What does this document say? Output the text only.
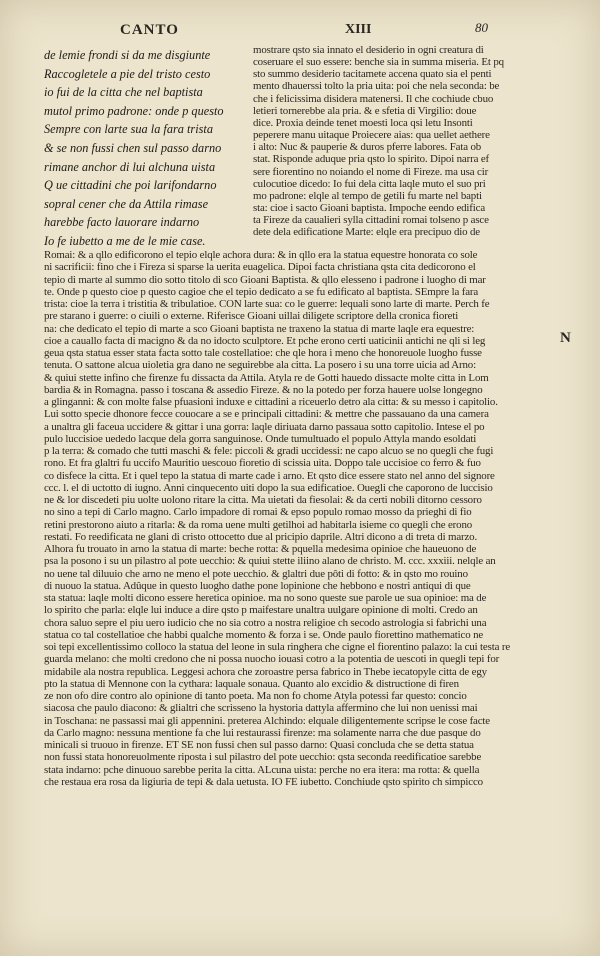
CANTO	XIII	80
de lemie frondi si da me disgiunte
Raccogletele a pie del tristo cesto
io fui de la citta che nel baptista
mutol primo padrone: onde p questo
Sempre con larte sua la fara trista
& se non fussi chen sul passo darno
rimane anchor di lui alchuna uista
Q ue cittadini che poi larifondarno
sopral cener che da Attila rimase
harebbe facto lauorare indarno
Io fe iubetto a me de le mie case.
mostrare qsto sia innato el desiderio in ogni creatura di
coseruare el suo essere: benche sia in summa miseria. Et pq
sto summo desiderio tacitamete accena quato sia el penti
mento dhauerssi tolto la pria uita: poi che nela seconda: be
che i felicissima disidera matenersi. Il che cochiude cbuo
letieri tornerebbe ala pria. & e sfetia di Virgilio: doue
dice. Proxia deinde tenet moesti loca qsi letu Insonti
peperere manu uitaque Proiecere aias: qua uellet aethere
i alto: Nuc & pauperie & duros pferre labores. Fata ob
stat. Risponde aduque pria qsto lo spirito. Dipoi narra ef
sere fiorentino no noiando el nome di Fireze. ma usa cir
culocutioe dicedo: Io fui dela citta laqle muto el suo pri
mo padrone: elqle al tempo de getili fu marte nel bapti
sta: cioe i sacto Gioani baptista. Impoche eendo edifica
ta Fireze da caualieri sylla cittadini romai tolseno p asce
dete dela edificatione Marte: elqle era precipuo dio de
Romai: & a qllo edificorono el tepio elqle achora dura: & in qllo era la statua equestre honorata co sole
ni sacrificii: fino che i Fireza si sparse la uerita euagelica. Dipoi facta christiana qsta cita dedicorono el
tepio di marte al summo dio sotto titolo di sco Gioani Baptista. & qllo elesseno i padrone i luogho di mar
te. Onde p questo cioe p questo cagioe che el tepio dedicato a se fu edificato al baptista. SEmpre la fara
trista: cioe la terra i tristitia & tribulatioe. CON larte sua: co le guerre: lequali sono larte di marte. Perch fe
pre starano i guerre: o ciuili o externe. Riferisce Gioani uillai diligete scriptore della cronica fioreti
na: che dedicato el tepio di marte a sco Gioani baptista ne traxeno la statua di marte laqle era equestre:
cioe a cauallo facta di macigno & da no idocto sculptore. Et pche erono certi uaticinii antichi ne qli si leg
geua qsta statua esser stata facta sotto tale costellatioe: che qle hora i meno che honoreuole luogho fusse
tenuta. O sattone alcua uioletia gra dano ne seguirebbe ala citta. La posero i su una torre uicia ad Arno:
& quiui stette infino che firenze fu dissacta da Attila. Atyla re de Gotti hauedo dissacte molte citta in Lom
bardia & in Romagna. passo i toscana & assedio Fireze. & no la potedo per forza hauere uolse longegno
a glinganni: & con molte false pfuasioni induxe e cittadini a riceuerlo detro ala citta: & su messo i capitolio.
Lui sotto specie dhonore fecce couocare a se e principali cittadini: & mettre che passauano da una camera
a unaltra gli faceua uccidere & gittar i una gorra: laqle diriuata darno passaua sotto capitolio. Intese el po
pulo luccisioe uededo lacque dela gorra sanguinose. Onde tumultuado el populo Attyla mando esoldati
p la terra: & comado che tutti maschi & fele: piccoli & gradi uccidessi: ne capo alcuo se no quegli che fugi
rono. Et fra glaltri fu uccifo Mauritio uescouo fioretio di scissia uita. Doppo tale uccisioe co ferro & fuo
co disfece la citta. Et i quel tepo la statua di marte cade i arno. Et qsto dice essere stato nel anno del signore
ccc. l. el di uctotto di iugno. Anni cinquecento uiti dopo la sua edificatioe. Ouegli che caporono de luccisio
ne & lor discedeti piu uolte uolono ritare la citta. Ma uietati da fiesolai: & da certi nobili ditorno cessoro
no sino a tepi di Carlo magno. Carlo impadore di romai & epso populo romao mosso da prieghi di fio
retini prestorono aiuto a ritarla: & da roma uene multi getilhoi ad habitarla isieme co quegli che erono
restati. Fo reedificata ne glani di cristo ottocetto due al pricipio daprile. Altri dicono a di treta di marzo.
Alhora fu trouato in arno la statua di marte: beche rotta: & pquella medesima opinioe che haueuono de
psa la posono i su un pilastro al pote uecchio: & quiui stette iliino alano de christo. M. ccc. xxxiii. nelqle an
no uene tal diluuio che arno ne meno el pote uecchio. & glaltri due pôti di fotto: & in qsto mo rouino
di nuouo la statua. Adûque in questo luogho dathe pone lopinione che hebbono e nostri antiqui di que
sta statua: laqle molti dicono essere heretica opinioe. ma no sono queste sue parole ue sua opinioe: ma de
lo spirito che parla: elqle lui induce a dire qsto p maifestare unaltra uulgare opinione di molti. Credo an
chora saluo sepre el piu uero iudicio che no sia cotro a nostra religioe ch secodo astrologia si fabrichi una
statua co tal costellatioe che habbi qualche momento & forza i se. Onde paulo fiorettino mathematico ne
soi tepi excellentissimo colloco la statua del leone in sula ringhera che cigne el fiorentino palazo: la cui testa re
guarda melano: che molti credono che ni possa nuocho iouasi cotro a la potentia de uescoti in quegli tepi for
midabile ala nostra republica. Leggesi achora che zoroastre persa fabrico in Thebe iecatopyle citta de egy
pto la statua di Mennone con la cythara: laquale sonaua. Quanto alo excidio & distructione di firen
ze non ofo dire contro alo opinione di tanto poeta. Ma non fo chome Atyla potessi far questo: concio
siacosa che paulo diacono: & glialtri che scrisseno la hystoria dattyla affermino che lui non uenissi mai
in Toschana: ne passassi mai gli appennini. preterea Alchindo: elquale diligentemente scripse le cose facte
da Carlo magno: nessuna mentione fa che lui restaurassi firenze: ma solamente narra che due pasque do
minicali si truouo in firenze. ET SE non fussi chen sul passo darno: Quasi concluda che se detta statua
non fussi stata honoreuolmente riposta i sul pilastro del pote uecchio: qsta seconda reedificatioe sarebbe
stata indarno: pche dinuouo sarebbe perita la citta. ALcuna uista: perche no era itera: ma rotta: & quella
che restaua era rosa da ligiuria de tepi & dala uetusta. IO FE iubetto. Conchiude qsto spirito ch simpicco
N
